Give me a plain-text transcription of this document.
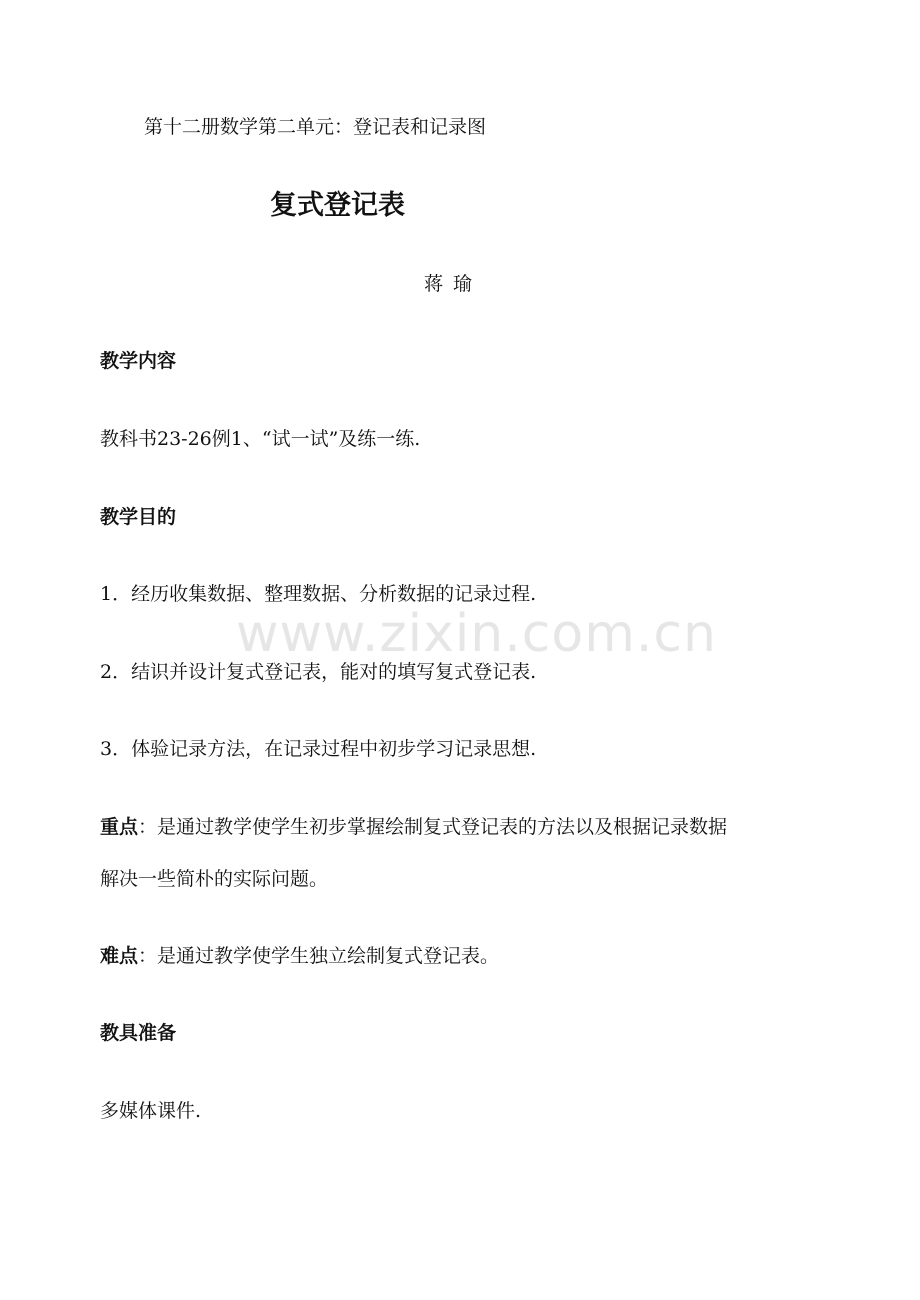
www.zixin.com.cn
第十二册数学第二单元：登记表和记录图
复式登记表
蒋瑜
教学内容
教科书23-26例1、“试一试”及练一练.
教学目的
1．经历收集数据、整理数据、分析数据的记录过程.
2．结识并设计复式登记表，能对的填写复式登记表.
3．体验记录方法，在记录过程中初步学习记录思想.
重点：是通过教学使学生初步掌握绘制复式登记表的方法以及根据记录数据
解决一些简朴的实际问题。
难点：是通过教学使学生独立绘制复式登记表。
教具准备
多媒体课件.
